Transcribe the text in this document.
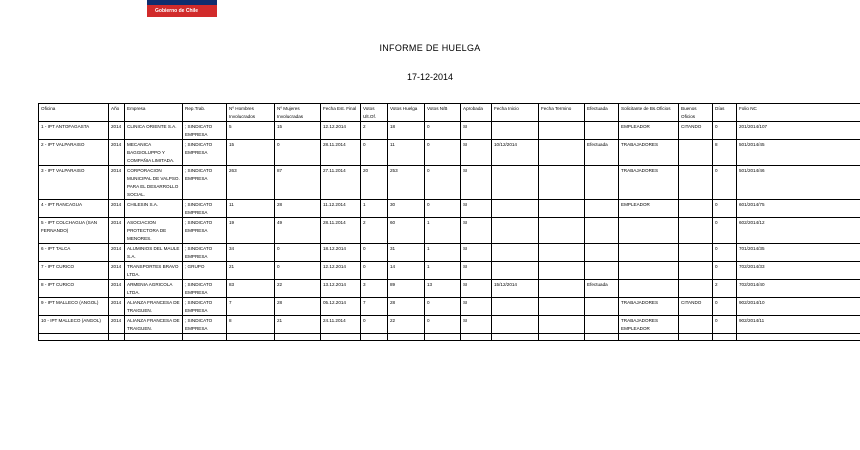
Gobierno de Chile
INFORME DE HUELGA
17-12-2014
Oficina	Año	Empresa	Rep.Trab.	Nº Hombres Involucrados	Nº Mujeres Involucradas	Fecha Est. Final	Votos Ult.Of.	Votos Huelga	Votos N/B	Aprobada	Fecha Inicio	Fecha Termino	Efectuada	Solicitante de Bs.Oficios	Buenos Oficios	Días	Folio NC
1 - IPT ANTOFAGASTA	2014	CLINICA ORIENTE S.A.	; SINDICATO EMPRESA	5	15	12.12.2014	2	18	0	SI				EMPLEADOR	CITANDO	0	201/2014/107
2 - IPT VALPARAISO	2014	MECANICA BAGGIOLUPPO Y COMPAÑIA LIMITADA.	; SINDICATO EMPRESA	15	0	28.11.2014	0	11	0	SI	10/12/2014		Efectuada	TRABAJADORES		8	501/2014/45
3 - IPT VALPARAISO	2014	CORPORACION MUNICIPAL DE VALPSO. PARA EL DESARROLLO SOCIAL.	; SINDICATO EMPRESA	263	87	27.11.2014	20	253	0	SI				TRABAJADORES		0	501/2014/46
4 - IPT RANCAGUA	2014	CHILESIN S.A.	; SINDICATO EMPRESA	11	28	11.12.2014	1	30	0	SI				EMPLEADOR		0	601/2014/75
5 - IPT COLCHAGUA (SAN FERNANDO)	2014	ASOCIACION PROTECTORA DE MENORES.	; SINDICATO EMPRESA	19	49	28.11.2014	2	60	1	SI						0	602/2014/12
6 - IPT TALCA	2014	ALUMINIOS DEL MAULE S.A.	; SINDICATO EMPRESA	34	0	18.12.2014	0	31	1	SI						0	701/2014/35
7 - IPT CURICO	2014	TRANSPORTES BRAVO LTDA.	; GRUPO	21	0	12.12.2014	0	14	1	SI						0	702/2014/33
8 - IPT CURICO	2014	ARMENIA AGRICOLA LTDA.	; SINDICATO EMPRESA	83	22	13.12.2014	3	89	13	SI	15/12/2014		Efectuada			2	702/2014/40
9 - IPT MALLECO (ANGOL)	2014	ALIANZA FRANCESA DE TRAIGUEN.	; SINDICATO EMPRESA	7	28	05.12.2014	7	28	0	SI				TRABAJADORES	CITANDO	0	902/2014/10
10 - IPT MALLECO (ANGOL)	2014	ALIANZA FRANCESA DE TRAIGUEN.	; SINDICATO EMPRESA	8	21	24.11.2014	0	22	0	SI				TRABAJADORES EMPLEADOR		0	902/2014/11
